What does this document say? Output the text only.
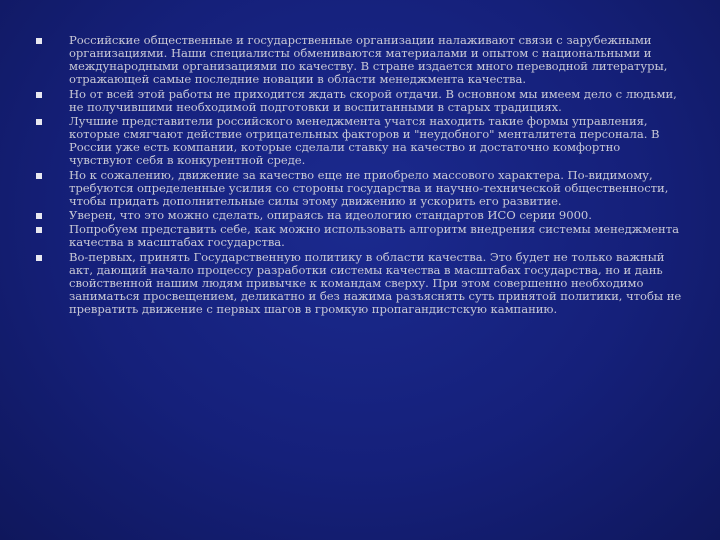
Российские общественные и государственные организации налаживают связи с зарубежными организациями. Наши специалисты обмениваются материалами и опытом с национальными и международными организациями по качеству. В стране издается много переводной литературы, отражающей самые последние новации в области менеджмента качества.
Но от всей этой работы не приходится ждать скорой отдачи. В основном мы имеем дело с людьми, не получившими необходимой подготовки и воспитанными в старых традициях.
Лучшие представители российского менеджмента учатся находить такие формы управления, которые смягчают действие отрицательных факторов и "неудобного" менталитета персонала. В России уже есть компании, которые сделали ставку на качество и достаточно комфортно чувствуют себя в конкурентной среде.
Но к сожалению, движение за качество еще не приобрело массового характера. По-видимому, требуются определенные усилия со стороны государства и научно-технической общественности, чтобы придать дополнительные силы этому движению и ускорить его развитие.
Уверен, что это можно сделать, опираясь на идеологию стандартов ИСО серии 9000.
Попробуем представить себе, как можно использовать алгоритм внедрения системы менеджмента качества в масштабах государства.
Во-первых, принять Государственную политику в области качества. Это будет не только важный акт, дающий начало процессу разработки системы качества в масштабах государства, но и дань свойственной нашим людям привычке к командам сверху. При этом совершенно необходимо заниматься просвещением, деликатно и без нажима разъяснять суть принятой политики, чтобы не превратить движение с первых шагов в громкую пропагандистскую кампанию.
